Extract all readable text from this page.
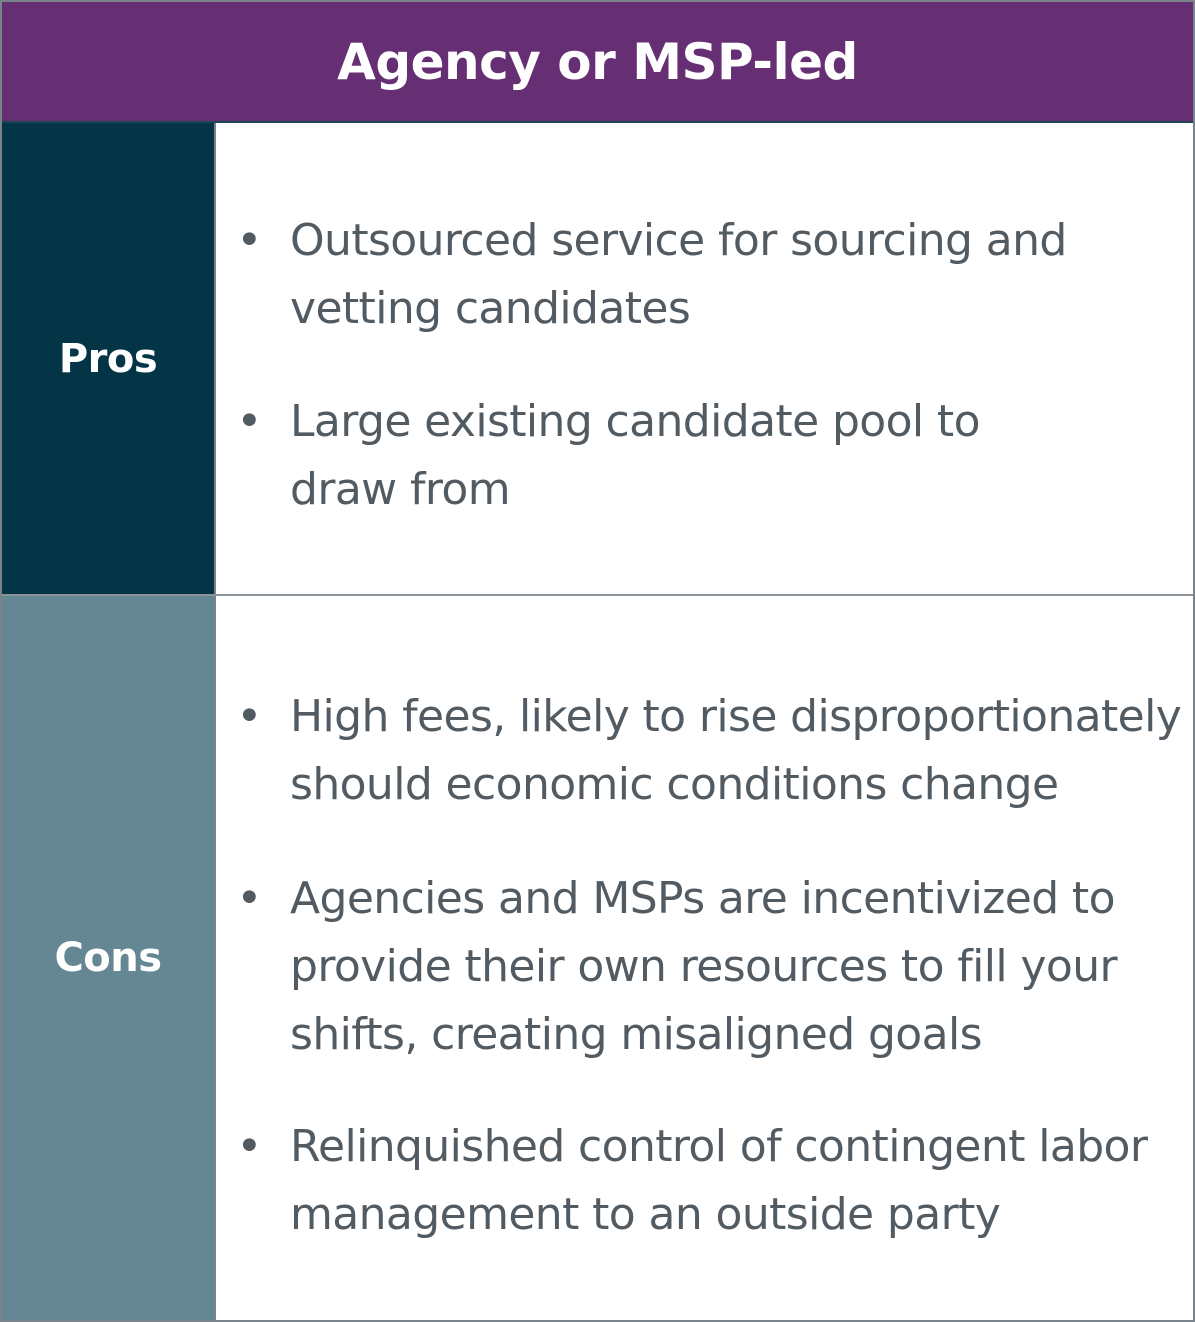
Agency or MSP-led
Pros
• Outsourced service for sourcing and
vetting candidates
• Large existing candidate pool to
draw from
Cons
• High fees, likely to rise disproportionately
should economic conditions change
• Agencies and MSPs are incentivized to
provide their own resources to fill your
shifts, creating misaligned goals
• Relinquished control of contingent labor
management to an outside party
